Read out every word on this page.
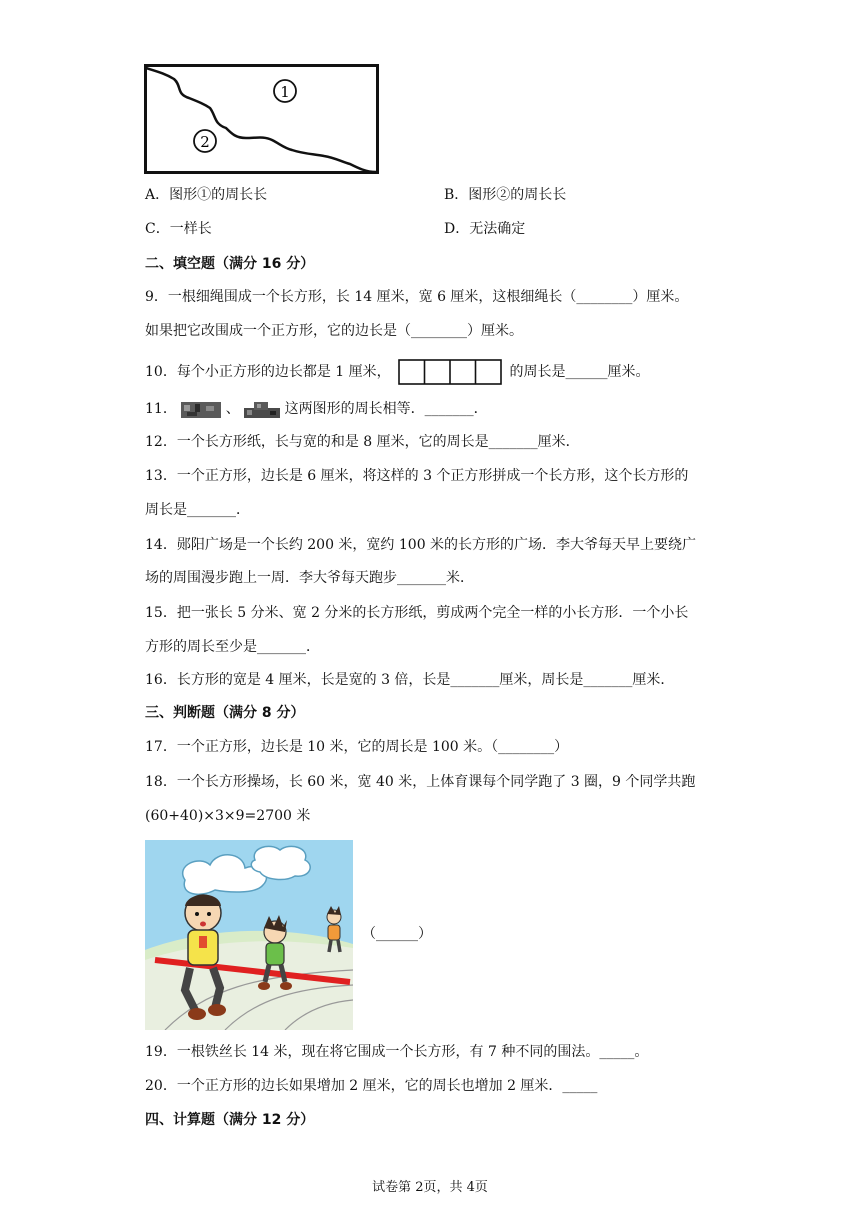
1
2
A．图形①的周长长	B．图形②的周长长
C．一样长	D．无法确定
二、填空题（满分 16 分）
9．一根细绳围成一个长方形，长 14 厘米，宽 6 厘米，这根细绳长（________）厘米。
如果把它改围成一个正方形，它的边长是（________）厘米。
10．每个小正方形的边长都是 1 厘米，	的周长是______厘米。
11．	、	这两图形的周长相等．_______．
12．一个长方形纸，长与宽的和是 8 厘米，它的周长是_______厘米．
13．一个正方形，边长是 6 厘米，将这样的 3 个正方形拼成一个长方形，这个长方形的
周长是_______．
14．郧阳广场是一个长约 200 米，宽约 100 米的长方形的广场．李大爷每天早上要绕广
场的周围漫步跑上一周．李大爷每天跑步_______米．
15．把一张长 5 分米、宽 2 分米的长方形纸，剪成两个完全一样的小长方形．一个小长
方形的周长至少是_______．
16．长方形的宽是 4 厘米，长是宽的 3 倍，长是_______厘米，周长是_______厘米．
三、判断题（满分 8 分）
17．一个正方形，边长是 10 米，它的周长是 100 米。（________）
18．一个长方形操场，长 60 米，宽 40 米，上体育课每个同学跑了 3 圈，9 个同学共跑
(60+40)×3×9=2700 米
（______）
19．一根铁丝长 14 米，现在将它围成一个长方形，有 7 种不同的围法。_____。
20．一个正方形的边长如果增加 2 厘米，它的周长也增加 2 厘米．_____
四、计算题（满分 12 分）
试卷第 2页，共 4页
